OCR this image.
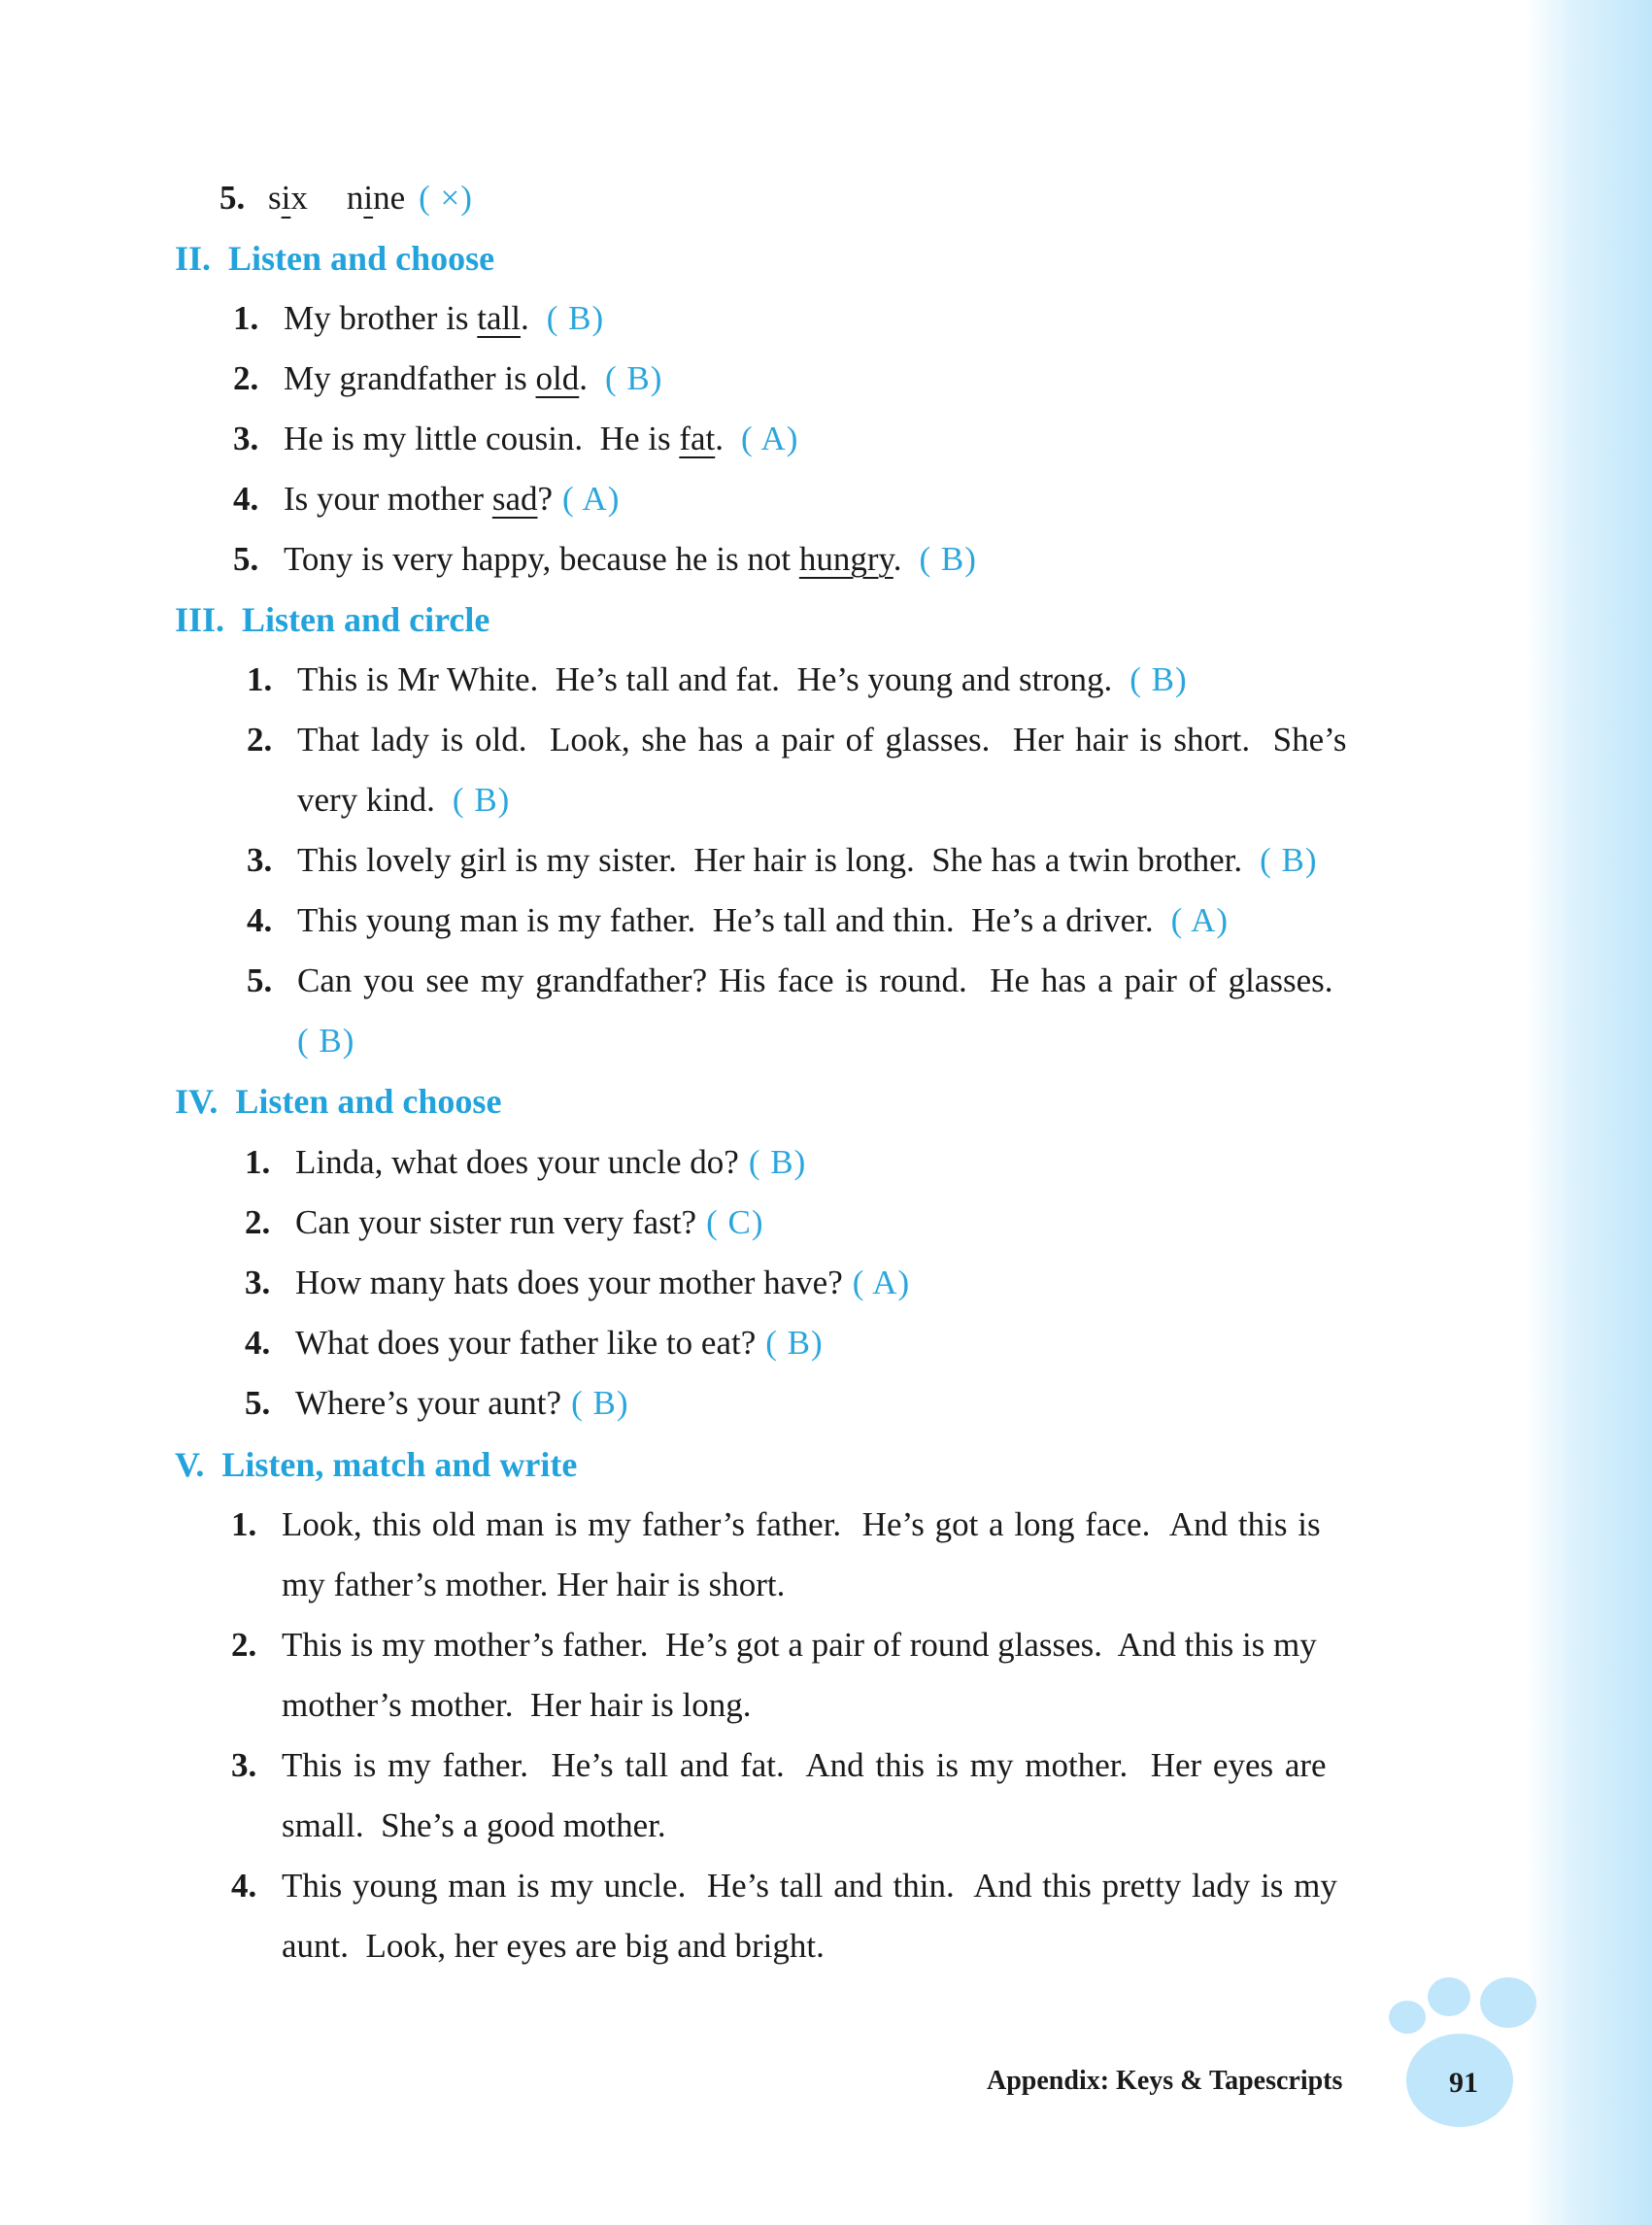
5. six nine ( ×)
II. Listen and choose
1. My brother is tall. ( B)
2. My grandfather is old. ( B)
3. He is my little cousin.  He is fat. ( A)
4. Is your mother sad? ( A)
5. Tony is very happy, because he is not hungry. ( B)
III. Listen and circle
1. This is Mr White.  He’s tall and fat.  He’s young and strong. ( B)
2. That lady is old.  Look, she has a pair of glasses.  Her hair is short.  She’s
very kind. ( B)
3. This lovely girl is my sister.  Her hair is long.  She has a twin brother. ( B)
4. This young man is my father.  He’s tall and thin.  He’s a driver. ( A)
5. Can you see my grandfather? His face is round.  He has a pair of glasses.
( B)
IV. Listen and choose
1. Linda, what does your uncle do? ( B)
2. Can your sister run very fast? ( C)
3. How many hats does your mother have? ( A)
4. What does your father like to eat? ( B)
5. Where’s your aunt? ( B)
V. Listen, match and write
1. Look, this old man is my father’s father.  He’s got a long face.  And this is
my father’s mother. Her hair is short.
2. This is my mother’s father.  He’s got a pair of round glasses.  And this is my
mother’s mother.  Her hair is long.
3. This is my father.  He’s tall and fat.  And this is my mother.  Her eyes are
small.  She’s a good mother.
4. This young man is my uncle.  He’s tall and thin.  And this pretty lady is my
aunt.  Look, her eyes are big and bright.
Appendix: Keys & Tapescripts	91
